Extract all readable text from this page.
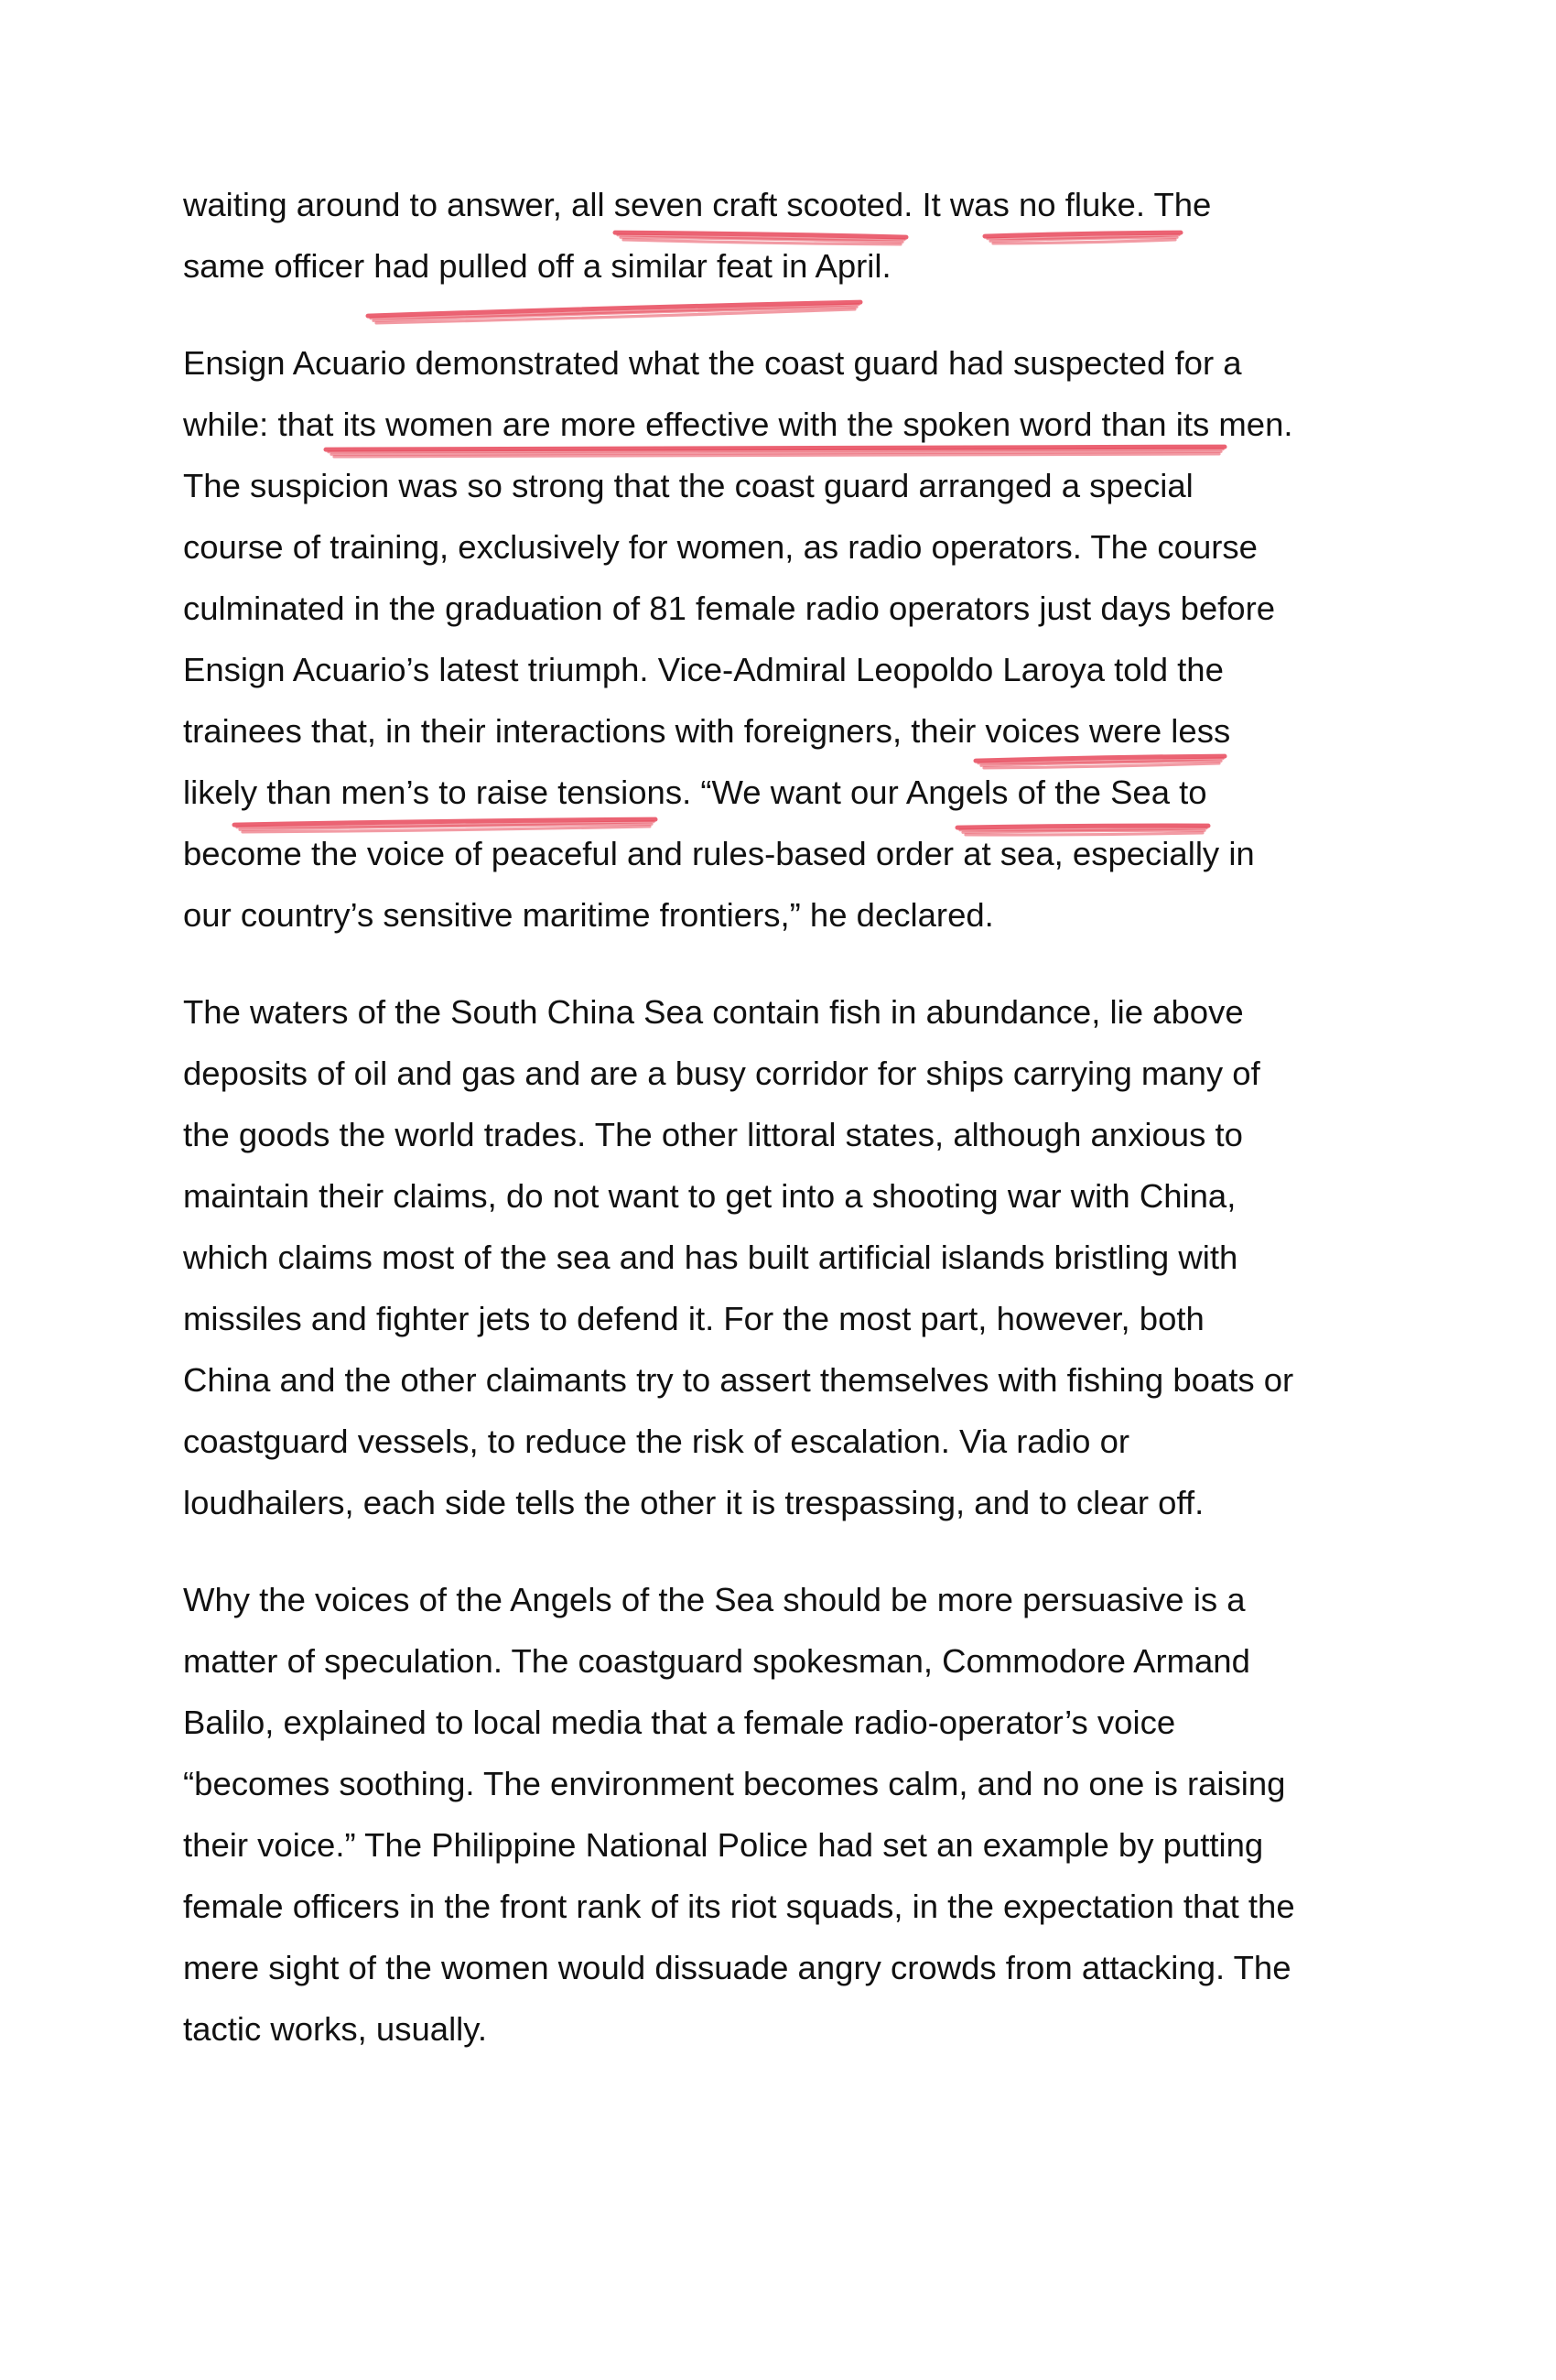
waiting around to answer, all seven craft scooted. It was no fluke. The
same officer had pulled off a similar feat in April.

Ensign Acuario demonstrated what the coast guard had suspected for a
while: that its women are more effective with the spoken word than its men.
The suspicion was so strong that the coast guard arranged a special
course of training, exclusively for women, as radio operators. The course
culminated in the graduation of 81 female radio operators just days before
Ensign Acuario’s latest triumph. Vice-Admiral Leopoldo Laroya told the
trainees that, in their interactions with foreigners, their voices were less
likely than men’s to raise tensions. “We want our Angels of the Sea to
become the voice of peaceful and rules-based order at sea, especially in
our country’s sensitive maritime frontiers,” he declared.

The waters of the South China Sea contain fish in abundance, lie above
deposits of oil and gas and are a busy corridor for ships carrying many of
the goods the world trades. The other littoral states, although anxious to
maintain their claims, do not want to get into a shooting war with China,
which claims most of the sea and has built artificial islands bristling with
missiles and fighter jets to defend it. For the most part, however, both
China and the other claimants try to assert themselves with fishing boats or
coastguard vessels, to reduce the risk of escalation. Via radio or
loudhailers, each side tells the other it is trespassing, and to clear off.

Why the voices of the Angels of the Sea should be more persuasive is a
matter of speculation. The coastguard spokesman, Commodore Armand
Balilo, explained to local media that a female radio-operator’s voice
“becomes soothing. The environment becomes calm, and no one is raising
their voice.” The Philippine National Police had set an example by putting
female officers in the front rank of its riot squads, in the expectation that the
mere sight of the women would dissuade angry crowds from attacking. The
tactic works, usually.
